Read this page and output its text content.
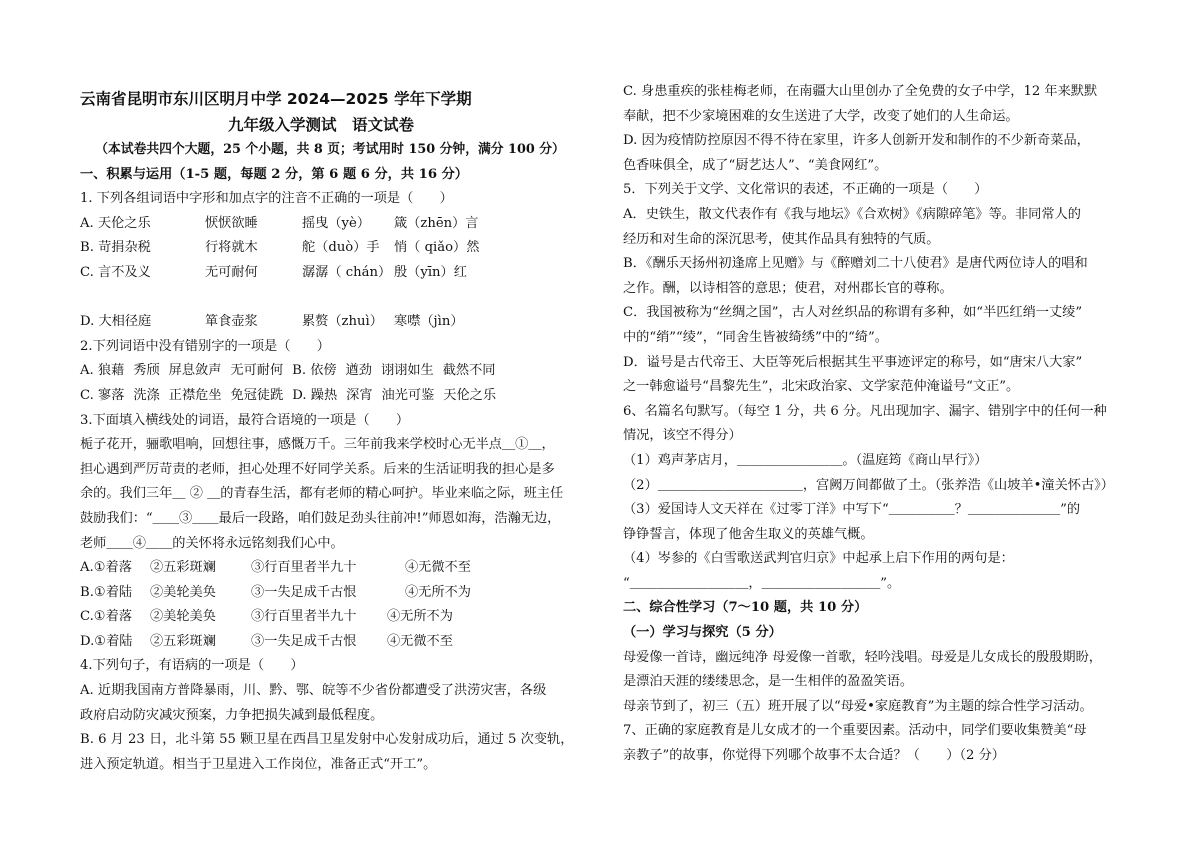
云南省昆明市东川区明月中学 2024—2025 学年下学期
九年级入学测试　语文试卷
（本试卷共四个大题，25 个小题，共 8 页；考试用时 150 分钟，满分 100 分）
一、积累与运用（1-5 题，每题 2 分，第 6 题 6 分，共 16 分）
1. 下列各组词语中字形和加点字的注音不正确的一项是（　　）
A. 天伦之乐	恹恹欲睡	摇曳（yè）	箴（zhēn）言
B. 苛捐杂税	行将就木	舵（duò）手	悄（ qiǎo）然
C. 言不及义	无可耐何	潺潺（ chán） 殷（yīn）红
D. 大相径庭	箪食壶浆	累赘（zhuì） 寒噤（jìn）
2.下列词语中没有错别字的一项是（　　）
A. 狼藉 秀颀 屏息敛声 无可耐何 B. 依傍 遒劲 诩诩如生 截然不同
C. 寥落 洗涤 正襟危坐 免冠徒跣 D. 躁热 深宵 油光可鉴 天伦之乐
3.下面填入横线处的词语，最符合语境的一项是（　　）
栀子花开，骊歌唱响，回想往事，感慨万千。三年前我来学校时心无半点＿①＿，
担心遇到严厉苛责的老师，担心处理不好同学关系。后来的生活证明我的担心是多
余的。我们三年＿ ② ＿的青春生活，都有老师的精心呵护。毕业来临之际，班主任
鼓励我们：“＿＿③＿＿最后一段路，咱们鼓足劲头往前冲!”师恩如海，浩瀚无边，
老师＿＿④＿＿的关怀将永远铭刻我们心中。
A.①着落	②五彩斑斓	③行百里者半九十	④无微不至
B.①着陆	②美轮美奂	③一失足成千古恨	④无所不为
C.①着落	②美轮美奂	③行百里者半九十	④无所不为
D.①着陆	②五彩斑斓	③一失足成千古恨	④无微不至
4.下列句子，有语病的一项是（　　）
A. 近期我国南方普降暴雨，川、黔、鄂、皖等不少省份都遭受了洪涝灾害，各级
政府启动防灾减灾预案，力争把损失减到最低程度。
B. 6 月 23 日，北斗第 55 颗卫星在西昌卫星发射中心发射成功后，通过 5 次变轨，
进入预定轨道。相当于卫星进入工作岗位，准备正式“开工”。
C. 身患重疾的张桂梅老师，在南疆大山里创办了全免费的女子中学，12 年来默默
奉献，把不少家境困难的女生送进了大学，改变了她们的人生命运。
D. 因为疫情防控原因不得不待在家里，许多人创新开发和制作的不少新奇菜品，
色香味俱全，成了“厨艺达人”、“美食网红”。
5．下列关于文学、文化常识的表述，不正确的一项是（　　）
A．史铁生，散文代表作有《我与地坛》《合欢树》《病隙碎笔》等。非同常人的
经历和对生命的深沉思考，使其作品具有独特的气质。
B．《酬乐天扬州初逢席上见赠》与《醉赠刘二十八使君》是唐代两位诗人的唱和
之作。酬，以诗相答的意思；使君，对州郡长官的尊称。
C．我国被称为“丝绸之国”，古人对丝织品的称谓有多种，如“半匹红绡一丈绫”
中的“绡”“绫”，“同舍生皆被绮绣”中的“绮”。
D．谥号是古代帝王、大臣等死后根据其生平事迹评定的称号，如“唐宋八大家”
之一韩愈谥号“昌黎先生”，北宋政治家、文学家范仲淹谥号“文正”。
6、名篇名句默写。（每空 1 分，共 6 分。凡出现加字、漏字、错别字中的任何一种
情况，该空不得分）
（1）鸡声茅店月，＿＿＿＿＿＿＿＿。（温庭筠《商山早行》）
（2）＿＿＿＿＿＿＿＿＿＿＿，宫阙万间都做了土。（张养浩《山坡羊•潼关怀古》）
（3）爱国诗人文天祥在《过零丁洋》中写下“＿＿＿＿＿？＿＿＿＿＿＿＿”的
铮铮誓言，体现了他舍生取义的英雄气概。
（4）岑参的《白雪歌送武判官归京》中起承上启下作用的两句是：
“＿＿＿＿＿＿＿＿＿，＿＿＿＿＿＿＿＿＿”。
二、综合性学习（7～10 题，共 10 分）
（一）学习与探究（5 分）
母爱像一首诗，幽远纯净 母爱像一首歌，轻吟浅唱。母爱是儿女成长的殷殷期盼，
是漂泊天涯的缕缕思念，是一生相伴的盈盈笑语。
母亲节到了，初三（五）班开展了以“母爱•家庭教育”为主题的综合性学习活动。
7、正确的家庭教育是儿女成才的一个重要因素。活动中，同学们要收集赞美“母
亲教子”的故事，你觉得下列哪个故事不太合适？（　　）（2 分）
